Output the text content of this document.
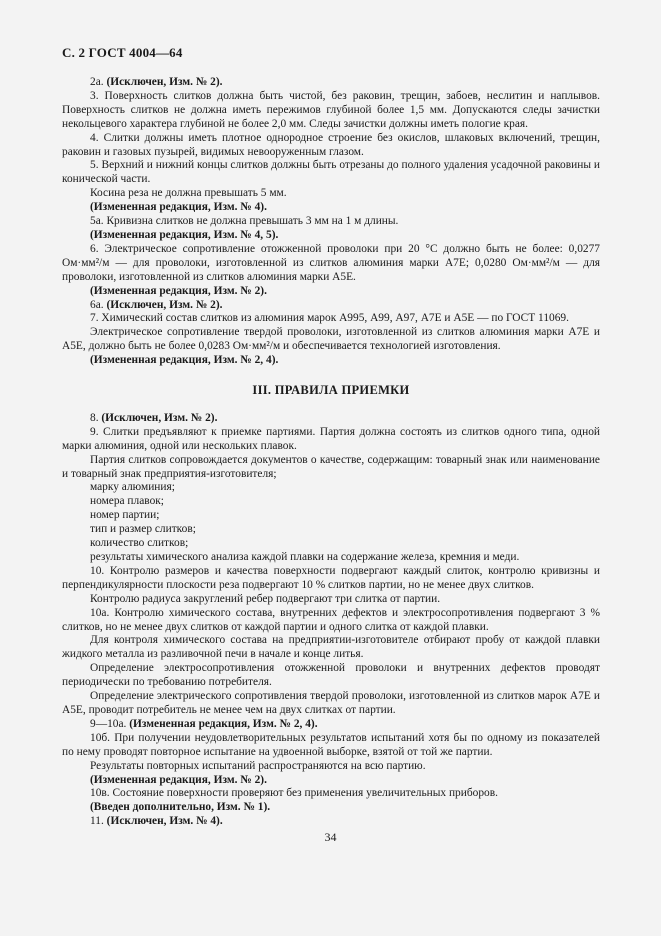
С. 2 ГОСТ 4004—64

2а. (Исключен, Изм. № 2).

3. Поверхность слитков должна быть чистой, без раковин, трещин, забоев, неслитин и наплывов. Поверхность слитков не должна иметь пережимов глубиной более 1,5 мм. Допускаются следы зачистки некольцевого характера глубиной не более 2,0 мм. Следы зачистки должны иметь пологие края.

4. Слитки должны иметь плотное однородное строение без окислов, шлаковых включений, трещин, раковин и газовых пузырей, видимых невооруженным глазом.

5. Верхний и нижний концы слитков должны быть отрезаны до полного удаления усадочной раковины и конической части.

Косина реза не должна превышать 5 мм.

(Измененная редакция, Изм. № 4).

5а. Кривизна слитков не должна превышать 3 мм на 1 м длины.

(Измененная редакция, Изм. № 4, 5).

6. Электрическое сопротивление отожженной проволоки при 20 °С должно быть не более: 0,0277 Ом·мм²/м — для проволоки, изготовленной из слитков алюминия марки А7Е; 0,0280 Ом·мм²/м — для проволоки, изготовленной из слитков алюминия марки А5Е.

(Измененная редакция, Изм. № 2).

6а. (Исключен, Изм. № 2).

7. Химический состав слитков из алюминия марок А995, А99, А97, А7Е и А5Е — по ГОСТ 11069.

Электрическое сопротивление твердой проволоки, изготовленной из слитков алюминия марки А7Е и А5Е, должно быть не более 0,0283 Ом·мм²/м и обеспечивается технологией изготовления.

(Измененная редакция, Изм. № 2, 4).

III. ПРАВИЛА ПРИЕМКИ

8. (Исключен, Изм. № 2).

9. Слитки предъявляют к приемке партиями. Партия должна состоять из слитков одного типа, одной марки алюминия, одной или нескольких плавок.

Партия слитков сопровождается документов о качестве, содержащим: товарный знак или наименование и товарный знак предприятия-изготовителя;

марку алюминия;

номера плавок;

номер партии;

тип и размер слитков;

количество слитков;

результаты химического анализа каждой плавки на содержание железа, кремния и меди.

10. Контролю размеров и качества поверхности подвергают каждый слиток, контролю кривизны и перпендикулярности плоскости реза подвергают 10 % слитков партии, но не менее двух слитков.

Контролю радиуса закруглений ребер подвергают три слитка от партии.

10а. Контролю химического состава, внутренних дефектов и электросопротивления подвергают 3 % слитков, но не менее двух слитков от каждой партии и одного слитка от каждой плавки.

Для контроля химического состава на предприятии-изготовителе отбирают пробу от каждой плавки жидкого металла из разливочной печи в начале и конце литья.

Определение электросопротивления отожженной проволоки и внутренних дефектов проводят периодически по требованию потребителя.

Определение электрического сопротивления твердой проволоки, изготовленной из слитков марок А7Е и А5Е, проводит потребитель не менее чем на двух слитках от партии.

9—10а. (Измененная редакция, Изм. № 2, 4).

10б. При получении неудовлетворительных результатов испытаний хотя бы по одному из показателей по нему проводят повторное испытание на удвоенной выборке, взятой от той же партии.

Результаты повторных испытаний распространяются на всю партию.

(Измененная редакция, Изм. № 2).

10в. Состояние поверхности проверяют без применения увеличительных приборов.

(Введен дополнительно, Изм. № 1).

11. (Исключен, Изм. № 4).

34
